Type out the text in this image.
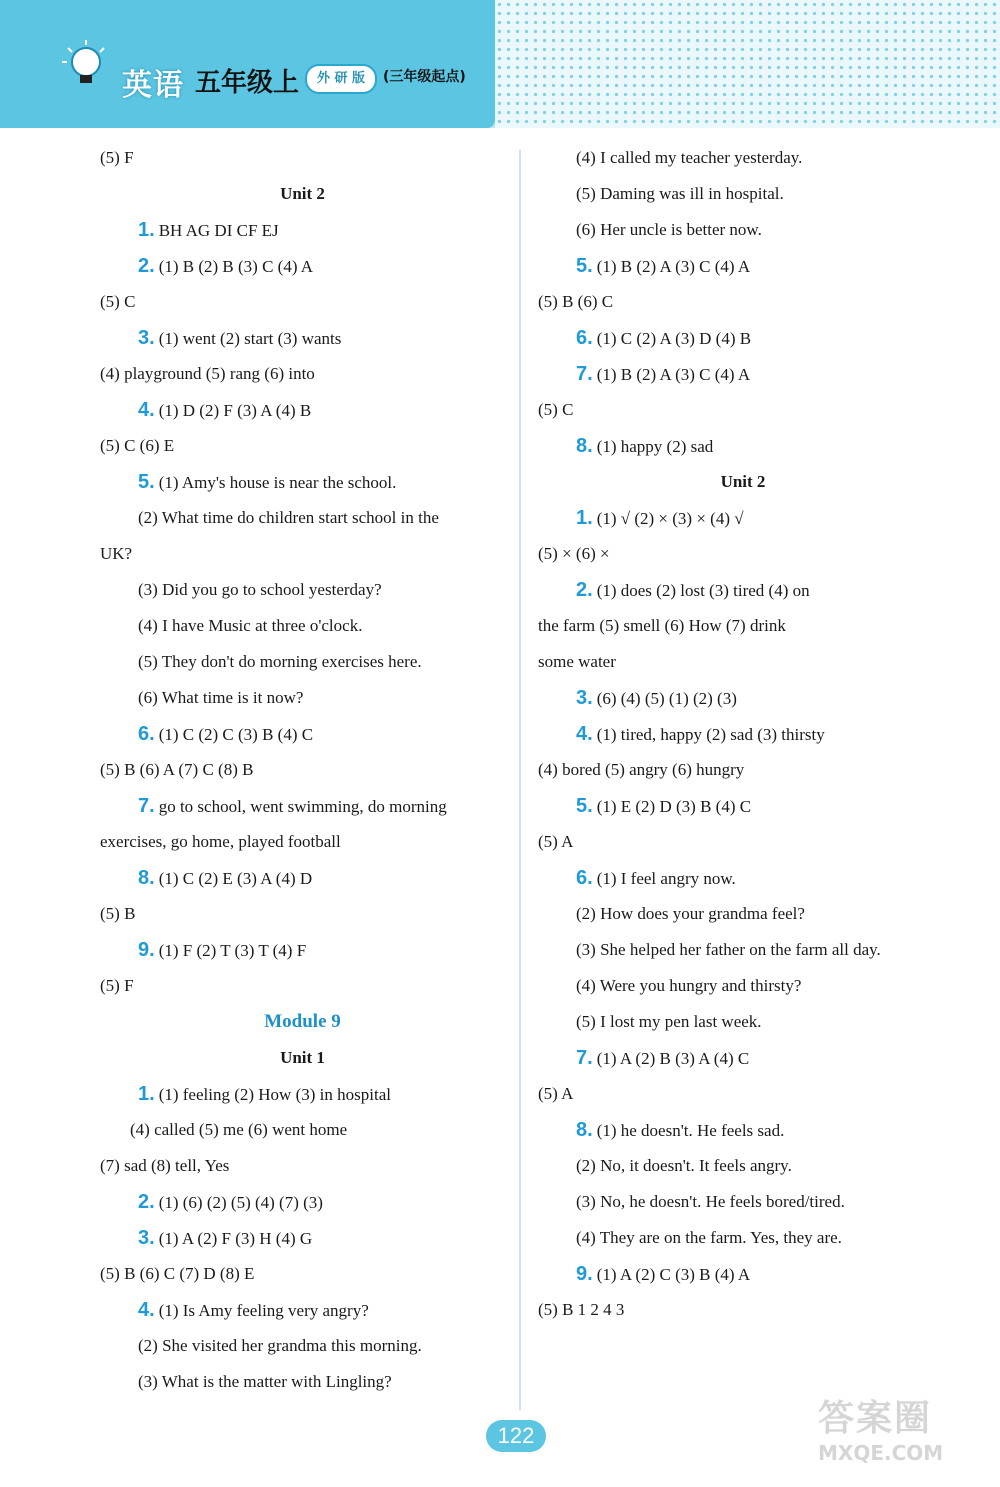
英语 五年级上	外 研 版	(三年级起点)
(5) F
Unit 2
1. BH AG DI CF EJ
2. (1) B (2) B (3) C (4) A
(5) C
3. (1) went (2) start (3) wants
(4) playground (5) rang (6) into
4. (1) D (2) F (3) A (4) B
(5) C (6) E
5. (1) Amy's house is near the school.
(2) What time do children start school in the
UK?
(3) Did you go to school yesterday?
(4) I have Music at three o'clock.
(5) They don't do morning exercises here.
(6) What time is it now?
6. (1) C (2) C (3) B (4) C
(5) B (6) A (7) C (8) B
7. go to school, went swimming, do morning
exercises, go home, played football
8. (1) C (2) E (3) A (4) D
(5) B
9. (1) F (2) T (3) T (4) F
(5) F
Module 9
Unit 1
1. (1) feeling (2) How (3) in hospital
(4) called (5) me (6) went home
(7) sad (8) tell, Yes
2. (1) (6) (2) (5) (4) (7) (3)
3. (1) A (2) F (3) H (4) G
(5) B (6) C (7) D (8) E
4. (1) Is Amy feeling very angry?
(2) She visited her grandma this morning.
(3) What is the matter with Lingling?
(4) I called my teacher yesterday.
(5) Daming was ill in hospital.
(6) Her uncle is better now.
5. (1) B (2) A (3) C (4) A
(5) B (6) C
6. (1) C (2) A (3) D (4) B
7. (1) B (2) A (3) C (4) A
(5) C
8. (1) happy (2) sad
Unit 2
1. (1) √ (2) × (3) × (4) √
(5) × (6) ×
2. (1) does (2) lost (3) tired (4) on
the farm (5) smell (6) How (7) drink
some water
3. (6) (4) (5) (1) (2) (3)
4. (1) tired, happy (2) sad (3) thirsty
(4) bored (5) angry (6) hungry
5. (1) E (2) D (3) B (4) C
(5) A
6. (1) I feel angry now.
(2) How does your grandma feel?
(3) She helped her father on the farm all day.
(4) Were you hungry and thirsty?
(5) I lost my pen last week.
7. (1) A (2) B (3) A (4) C
(5) A
8. (1) he doesn't. He feels sad.
(2) No, it doesn't. It feels angry.
(3) No, he doesn't. He feels bored/tired.
(4) They are on the farm. Yes, they are.
9. (1) A (2) C (3) B (4) A
(5) B 1 2 4 3
122	答案圈
MXQE.COM
